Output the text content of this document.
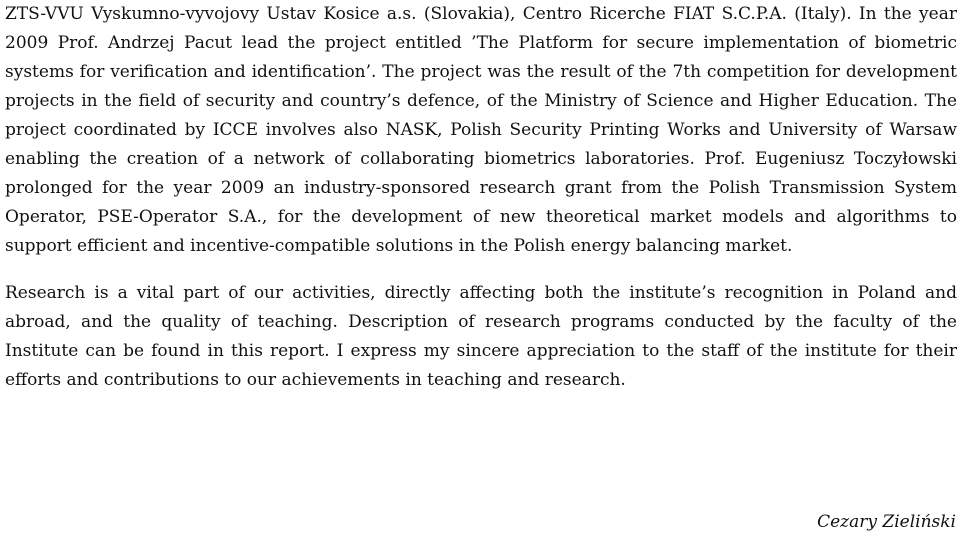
ZTS-VVU Vyskumno-vyvojovy Ustav Kosice a.s. (Slovakia), Centro Ricerche FIAT S.C.P.A. (Italy). In the year 2009 Prof. Andrzej Pacut lead the project entitled ’The Platform for secure implementation of biometric systems for verification and identification’. The project was the result of the 7th competition for development projects in the field of security and country’s defence, of the Ministry of Science and Higher Education. The project coordinated by ICCE involves also NASK, Polish Security Printing Works and University of Warsaw enabling the creation of a network of collaborating biometrics laboratories. Prof. Eugeniusz Toczyłowski prolonged for the year 2009 an industry-sponsored research grant from the Polish Transmission System Operator, PSE-Operator S.A., for the development of new theoretical market models and algorithms to support efficient and incentive-compatible solutions in the Polish energy balancing market.

Research is a vital part of our activities, directly affecting both the institute’s recognition in Poland and abroad, and the quality of teaching. Description of research programs conducted by the faculty of the Institute can be found in this report. I express my sincere appreciation to the staff of the institute for their efforts and contributions to our achievements in teaching and research.

Cezary Zieliński
